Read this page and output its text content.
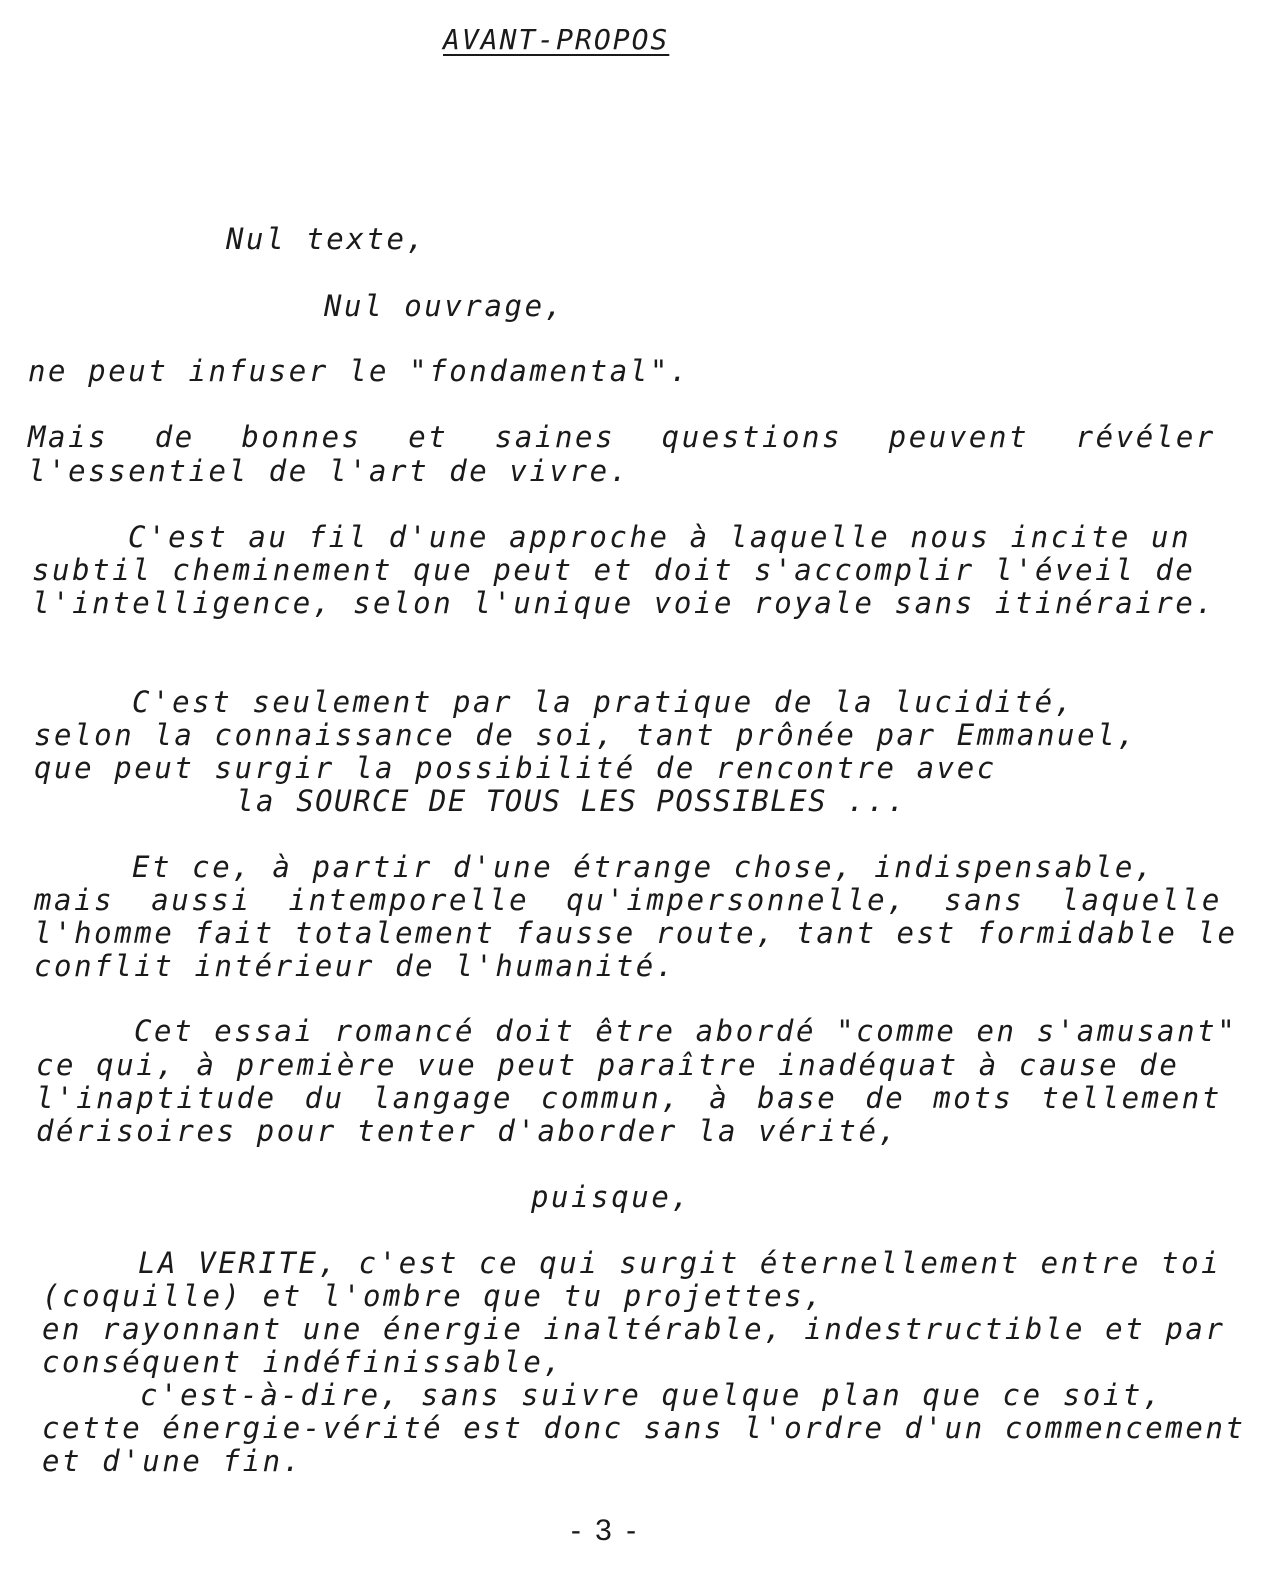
AVANT-PROPOS
Nul texte,
Nul ouvrage,
ne peut infuser le "fondamental".
Mais de bonnes et saines questions peuvent révéler
l'essentiel de l'art de vivre.
C'est au fil d'une approche à laquelle nous incite un
subtil cheminement que peut et doit s'accomplir l'éveil de
l'intelligence, selon l'unique voie royale sans itinéraire.
C'est seulement par la pratique de la lucidité,
selon la connaissance de soi, tant prônée par Emmanuel,
que peut surgir la possibilité de rencontre avec
la SOURCE DE TOUS LES POSSIBLES ...
Et ce, à partir d'une étrange chose, indispensable,
mais aussi intemporelle qu'impersonnelle, sans laquelle
l'homme fait totalement fausse route, tant est formidable le
conflit intérieur de l'humanité.
Cet essai romancé doit être abordé "comme en s'amusant"
ce qui, à première vue peut paraître inadéquat à cause de
l'inaptitude du langage commun, à base de mots tellement
dérisoires pour tenter d'aborder la vérité,
puisque,
LA VERITE, c'est ce qui surgit éternellement entre toi
(coquille) et l'ombre que tu projettes,
en rayonnant une énergie inaltérable, indestructible et par
conséquent indéfinissable,
c'est-à-dire, sans suivre quelque plan que ce soit,
cette énergie-vérité est donc sans l'ordre d'un commencement
et d'une fin.
- 3 -
